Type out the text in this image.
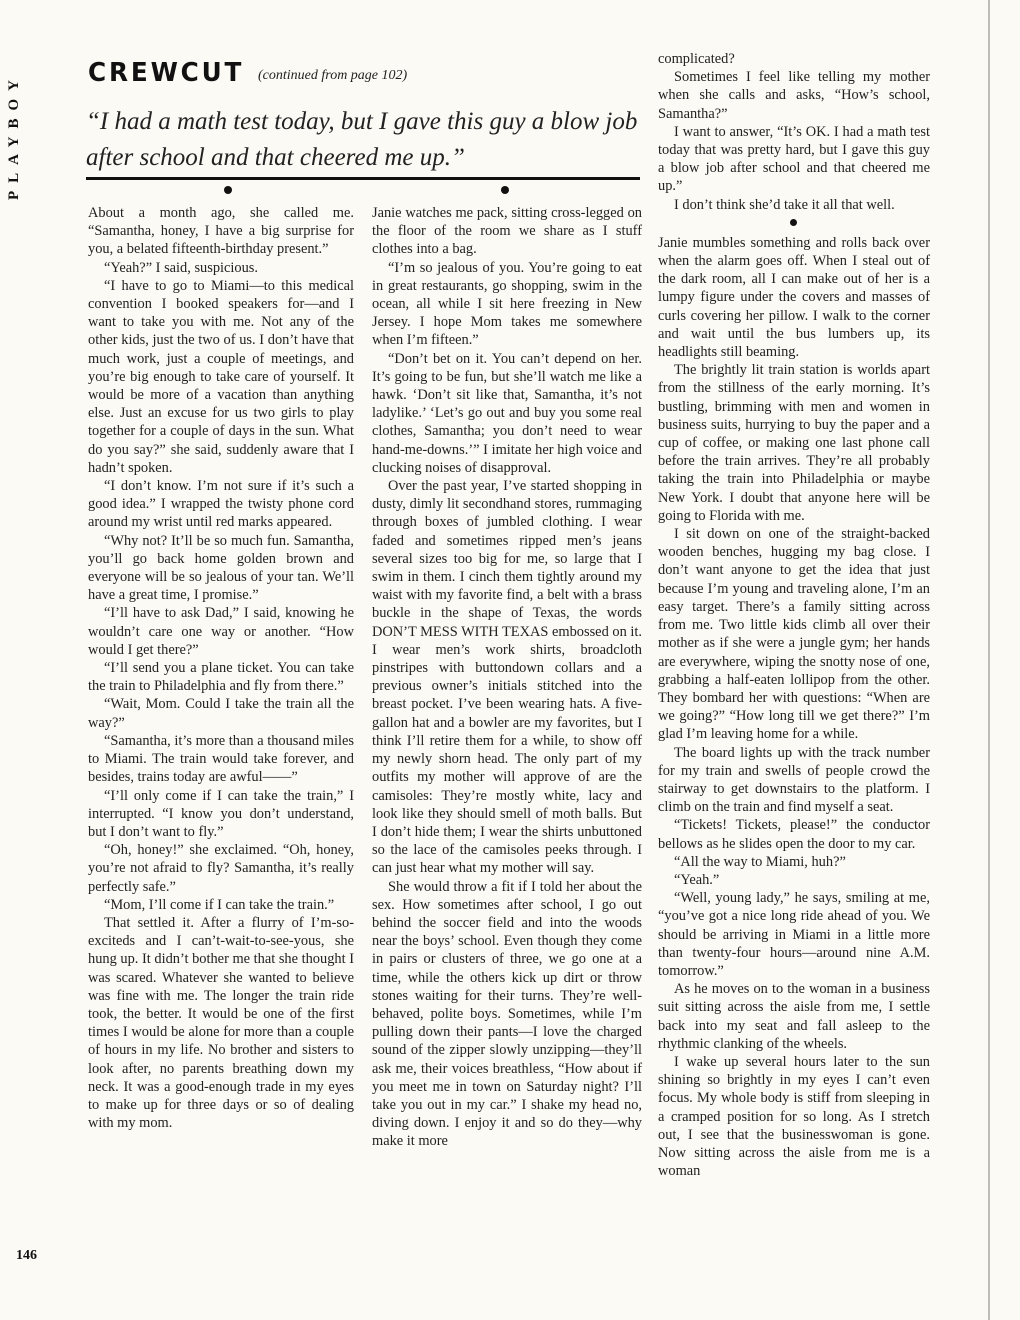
PLAYBOY
146
CREWCUT (continued from page 102)
“I had a math test today, but I gave this guy a blow job after school and that cheered me up.”

About a month ago, she called me. “Samantha, honey, I have a big surprise for you, a belated fifteenth-birthday present.”

“Yeah?” I said, suspicious.

“I have to go to Miami—to this medical convention I booked speakers for—and I want to take you with me. Not any of the other kids, just the two of us. I don’t have that much work, just a couple of meetings, and you’re big enough to take care of yourself. It would be more of a vacation than anything else. Just an excuse for us two girls to play together for a couple of days in the sun. What do you say?” she said, suddenly aware that I hadn’t spoken.

“I don’t know. I’m not sure if it’s such a good idea.” I wrapped the twisty phone cord around my wrist until red marks appeared.

“Why not? It’ll be so much fun. Samantha, you’ll go back home golden brown and everyone will be so jealous of your tan. We’ll have a great time, I promise.”

“I’ll have to ask Dad,” I said, knowing he wouldn’t care one way or another. “How would I get there?”

“I’ll send you a plane ticket. You can take the train to Philadelphia and fly from there.”

“Wait, Mom. Could I take the train all the way?”

“Samantha, it’s more than a thousand miles to Miami. The train would take forever, and besides, trains today are awful——”

“I’ll only come if I can take the train,” I interrupted. “I know you don’t understand, but I don’t want to fly.”

“Oh, honey!” she exclaimed. “Oh, honey, you’re not afraid to fly? Samantha, it’s really perfectly safe.”

“Mom, I’ll come if I can take the train.”

That settled it. After a flurry of I’m-so-exciteds and I can’t-wait-to-see-yous, she hung up. It didn’t bother me that she thought I was scared. Whatever she wanted to believe was fine with me. The longer the train ride took, the better. It would be one of the first times I would be alone for more than a couple of hours in my life. No brother and sisters to look after, no parents breathing down my neck. It was a good-enough trade in my eyes to make up for three days or so of dealing with my mom.

Janie watches me pack, sitting cross-legged on the floor of the room we share as I stuff clothes into a bag.

“I’m so jealous of you. You’re going to eat in great restaurants, go shopping, swim in the ocean, all while I sit here freezing in New Jersey. I hope Mom takes me somewhere when I’m fifteen.”

“Don’t bet on it. You can’t depend on her. It’s going to be fun, but she’ll watch me like a hawk. ‘Don’t sit like that, Samantha, it’s not ladylike.’ ‘Let’s go out and buy you some real clothes, Samantha; you don’t need to wear hand-me-downs.’” I imitate her high voice and clucking noises of disapproval.

Over the past year, I’ve started shopping in dusty, dimly lit secondhand stores, rummaging through boxes of jumbled clothing. I wear faded and sometimes ripped men’s jeans several sizes too big for me, so large that I swim in them. I cinch them tightly around my waist with my favorite find, a belt with a brass buckle in the shape of Texas, the words DON’T MESS WITH TEXAS embossed on it. I wear men’s work shirts, broadcloth pinstripes with buttondown collars and a previous owner’s initials stitched into the breast pocket. I’ve been wearing hats. A five-gallon hat and a bowler are my favorites, but I think I’ll retire them for a while, to show off my newly shorn head. The only part of my outfits my mother will approve of are the camisoles: They’re mostly white, lacy and look like they should smell of moth balls. But I don’t hide them; I wear the shirts unbuttoned so the lace of the camisoles peeks through. I can just hear what my mother will say.

She would throw a fit if I told her about the sex. How sometimes after school, I go out behind the soccer field and into the woods near the boys’ school. Even though they come in pairs or clusters of three, we go one at a time, while the others kick up dirt or throw stones waiting for their turns. They’re well-behaved, polite boys. Sometimes, while I’m pulling down their pants—I love the charged sound of the zipper slowly unzipping—they’ll ask me, their voices breathless, “How about if you meet me in town on Saturday night? I’ll take you out in my car.” I shake my head no, diving down. I enjoy it and so do they—why make it more

complicated?

Sometimes I feel like telling my mother when she calls and asks, “How’s school, Samantha?”

I want to answer, “It’s OK. I had a math test today that was pretty hard, but I gave this guy a blow job after school and that cheered me up.”

I don’t think she’d take it all that well.

Janie mumbles something and rolls back over when the alarm goes off. When I steal out of the dark room, all I can make out of her is a lumpy figure under the covers and masses of curls covering her pillow. I walk to the corner and wait until the bus lumbers up, its headlights still beaming.

The brightly lit train station is worlds apart from the stillness of the early morning. It’s bustling, brimming with men and women in business suits, hurrying to buy the paper and a cup of coffee, or making one last phone call before the train arrives. They’re all probably taking the train into Philadelphia or maybe New York. I doubt that anyone here will be going to Florida with me.

I sit down on one of the straight-backed wooden benches, hugging my bag close. I don’t want anyone to get the idea that just because I’m young and traveling alone, I’m an easy target. There’s a family sitting across from me. Two little kids climb all over their mother as if she were a jungle gym; her hands are everywhere, wiping the snotty nose of one, grabbing a half-eaten lollipop from the other. They bombard her with questions: “When are we going?” “How long till we get there?” I’m glad I’m leaving home for a while.

The board lights up with the track number for my train and swells of people crowd the stairway to get downstairs to the platform. I climb on the train and find myself a seat.

“Tickets! Tickets, please!” the conductor bellows as he slides open the door to my car.

“All the way to Miami, huh?”

“Yeah.”

“Well, young lady,” he says, smiling at me, “you’ve got a nice long ride ahead of you. We should be arriving in Miami in a little more than twenty-four hours—around nine A.M. tomorrow.”

As he moves on to the woman in a business suit sitting across the aisle from me, I settle back into my seat and fall asleep to the rhythmic clanking of the wheels.

I wake up several hours later to the sun shining so brightly in my eyes I can’t even focus. My whole body is stiff from sleeping in a cramped position for so long. As I stretch out, I see that the businesswoman is gone. Now sitting across the aisle from me is a woman
